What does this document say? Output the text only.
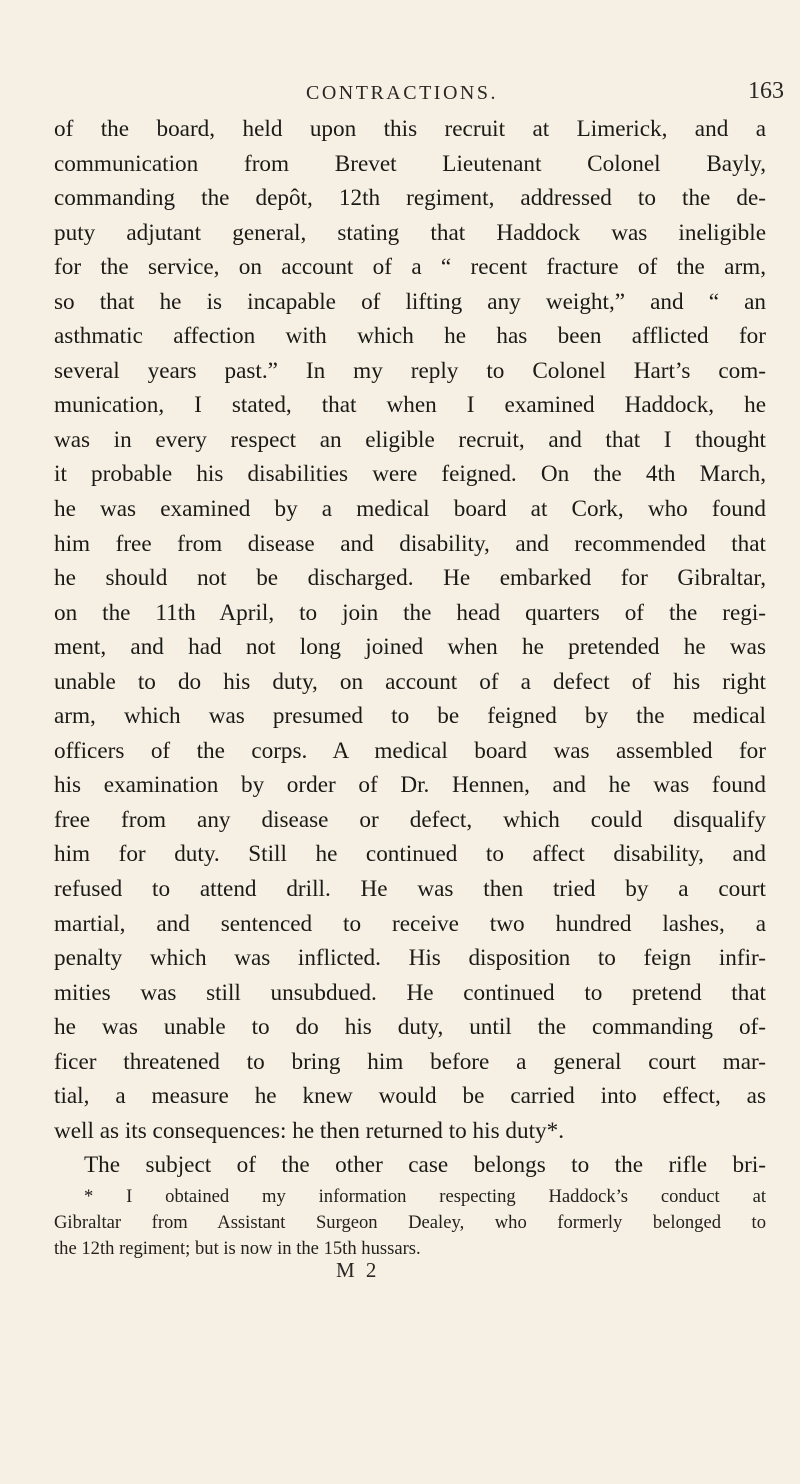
CONTRACTIONS.	163
of the board, held upon this recruit at Limerick, and a
communication from Brevet Lieutenant Colonel Bayly,
commanding the depôt, 12th regiment, addressed to the de-
puty adjutant general, stating that Haddock was ineligible
for the service, on account of a “ recent fracture of the arm,
so that he is incapable of lifting any weight,” and “ an
asthmatic affection with which he has been afflicted for
several years past.” In my reply to Colonel Hart’s com-
munication, I stated, that when I examined Haddock, he
was in every respect an eligible recruit, and that I thought
it probable his disabilities were feigned. On the 4th March,
he was examined by a medical board at Cork, who found
him free from disease and disability, and recommended that
he should not be discharged. He embarked for Gibraltar,
on the 11th April, to join the head quarters of the regi-
ment, and had not long joined when he pretended he was
unable to do his duty, on account of a defect of his right
arm, which was presumed to be feigned by the medical
officers of the corps. A medical board was assembled for
his examination by order of Dr. Hennen, and he was found
free from any disease or defect, which could disqualify
him for duty. Still he continued to affect disability, and
refused to attend drill. He was then tried by a court
martial, and sentenced to receive two hundred lashes, a
penalty which was inflicted. His disposition to feign infir-
mities was still unsubdued. He continued to pretend that
he was unable to do his duty, until the commanding of-
ficer threatened to bring him before a general court mar-
tial, a measure he knew would be carried into effect, as
well as its consequences: he then returned to his duty*.
The subject of the other case belongs to the rifle bri-
* I obtained my information respecting Haddock’s conduct at
Gibraltar from Assistant Surgeon Dealey, who formerly belonged to
the 12th regiment; but is now in the 15th hussars.
M 2
